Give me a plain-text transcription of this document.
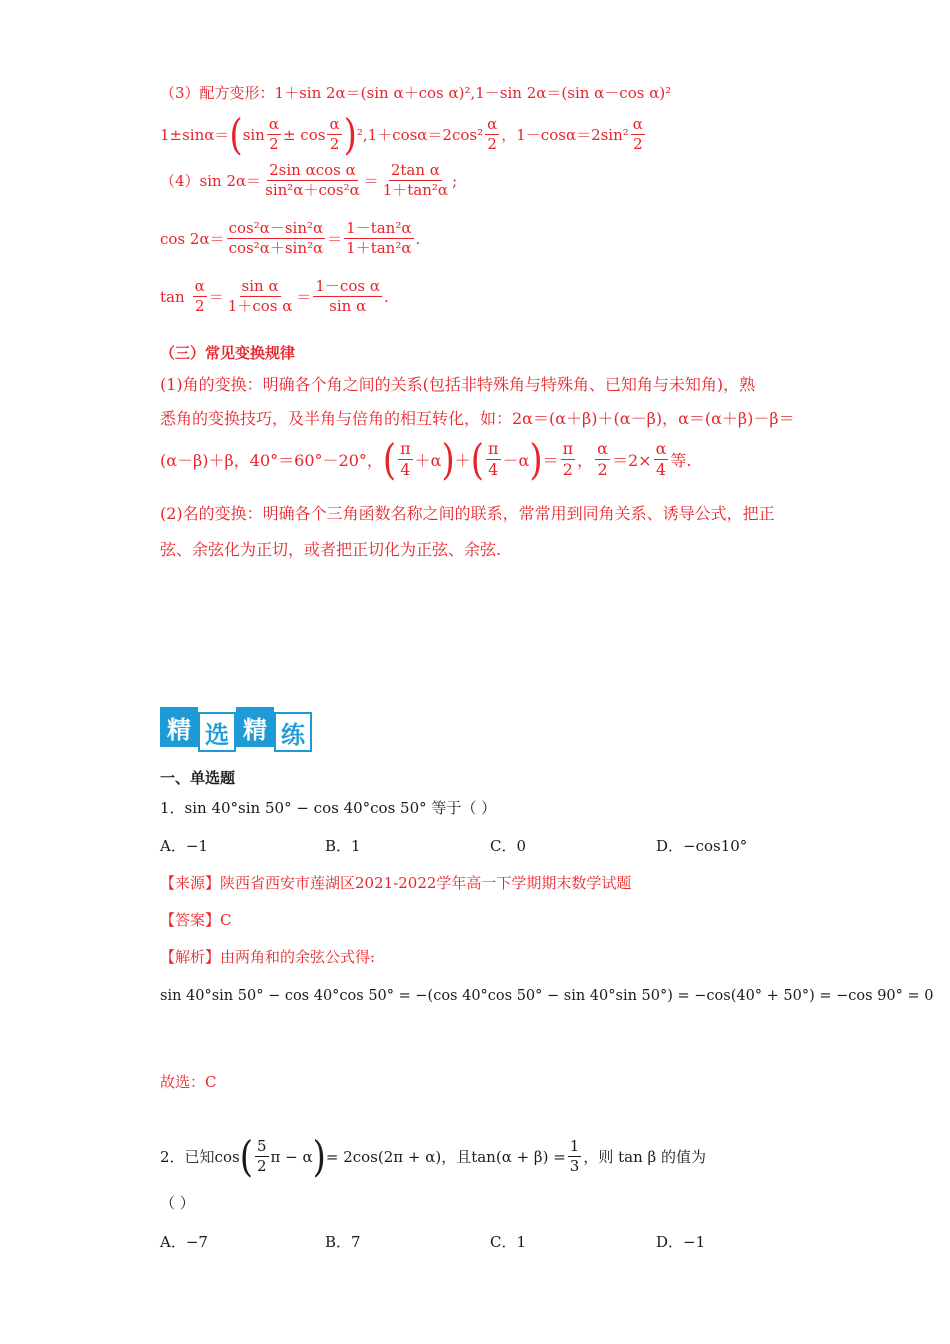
（3）配方变形：1＋sin 2α＝(sin α＋cos α)²,1－sin 2α＝(sin α－cos α)²
1±sinα＝ ( $\sin \frac{\alpha}{2} \pm \cos \frac{\alpha}{2}$ ) $^2,1+\cos\alpha=2\cos^2 \frac{\alpha}{2}$ ，$1-\cos\alpha=2\sin^2 \frac{\alpha}{2}$
（4）sin $2\alpha= \frac{\text{2sin αcos α}}{\text{sin²α＋cos²α}} = \frac{\text{2tan α}}{\text{1＋tan²α}}$ ;
$\cos 2\alpha= \frac{\text{cos²α－sin²α}}{\text{cos²α＋sin²α}} = \frac{\text{1－tan²α}}{\text{1＋tan²α}}$ .
$\tan \frac{\alpha}{2} = \frac{\text{sin α}}{\text{1＋cos α}} = \frac{\text{1－cos α}}{\text{sin α}}$ .
（三）常见变换规律
(1)角的变换：明确各个角之间的关系(包括非特殊角与特殊角、已知角与未知角)，熟
悉角的变换技巧，及半角与倍角的相互转化，如：2α＝(α＋β)＋(α－β)，α＝(α＋β)－β＝
(α－β)＋β，40°＝60°－20°， ( $\frac{\pi}{4} +\alpha$ ) ＋ ( $\frac{\pi}{4} -\alpha$ ) ＝ $\frac{\pi}{2}$ ， $\frac{\alpha}{2} =2\times \frac{\alpha}{4}$ 等.
(2)名的变换：明确各个三角函数名称之间的联系，常常用到同角关系、诱导公式，把正
弦、余弦化为正切，或者把正切化为正弦、余弦.
精 选 精 练
一、单选题
1．sin 40°sin 50° − cos 40°cos 50° 等于（ ）
A．−1	B．1	C．0	D．−cos10°
【来源】陕西省西安市莲湖区2021-2022学年高一下学期期末数学试题
【答案】C
【解析】由两角和的余弦公式得:
sin 40°sin 50° − cos 40°cos 50° = −(cos 40°cos 50° − sin 40°sin 50°) = −cos(40° + 50°) = −cos 90° = 0
故选：C
2．已知cos ( $\frac{5}{2}$ π − α ) = 2cos(2π + α)，且$\tan(\alpha + \beta) = \frac{1}{3}$ ，则 tan β 的值为
（ ）
A．−7	B．7	C．1	D．−1
